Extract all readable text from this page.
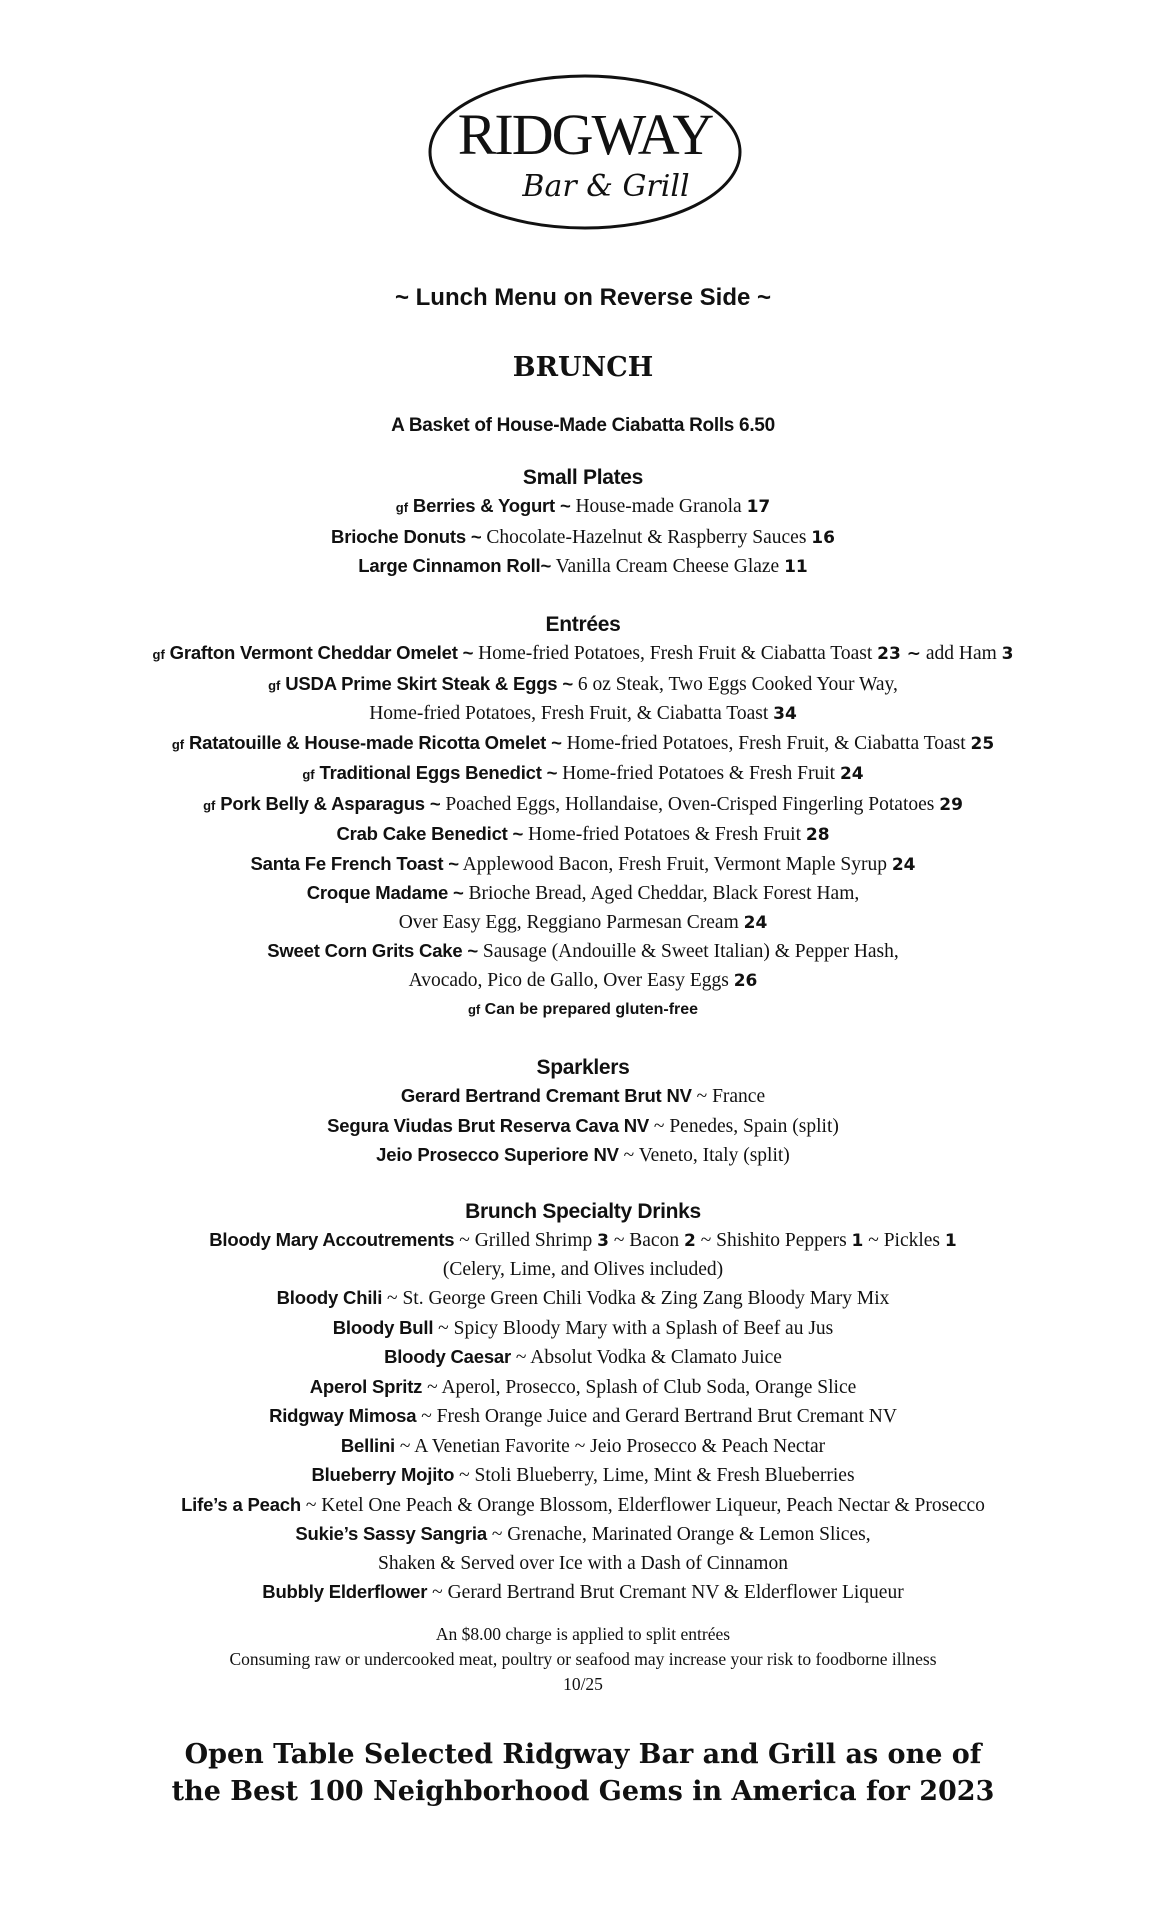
RIDGWAY
Bar & Grill
~ Lunch Menu on Reverse Side ~
BRUNCH
A Basket of House-Made Ciabatta Rolls 6.50
Small Plates
gf Berries & Yogurt ~ House-made Granola 17
Brioche Donuts ~ Chocolate-Hazelnut & Raspberry Sauces 16
Large Cinnamon Roll~ Vanilla Cream Cheese Glaze 11
Entrées
gf Grafton Vermont Cheddar Omelet ~ Home-fried Potatoes, Fresh Fruit & Ciabatta Toast 23 ~ add Ham 3
gf USDA Prime Skirt Steak & Eggs ~ 6 oz Steak, Two Eggs Cooked Your Way,
Home-fried Potatoes, Fresh Fruit, & Ciabatta Toast 34
gf Ratatouille & House-made Ricotta Omelet ~ Home-fried Potatoes, Fresh Fruit, & Ciabatta Toast 25
gf Traditional Eggs Benedict ~ Home-fried Potatoes & Fresh Fruit 24
gf Pork Belly & Asparagus ~ Poached Eggs, Hollandaise, Oven-Crisped Fingerling Potatoes 29
Crab Cake Benedict ~ Home-fried Potatoes & Fresh Fruit 28
Santa Fe French Toast ~ Applewood Bacon, Fresh Fruit, Vermont Maple Syrup 24
Croque Madame ~ Brioche Bread, Aged Cheddar, Black Forest Ham,
Over Easy Egg, Reggiano Parmesan Cream 24
Sweet Corn Grits Cake ~ Sausage (Andouille & Sweet Italian) & Pepper Hash,
Avocado, Pico de Gallo, Over Easy Eggs 26
gf Can be prepared gluten-free
Sparklers
Gerard Bertrand Cremant Brut NV ~ France
Segura Viudas Brut Reserva Cava NV ~ Penedes, Spain (split)
Jeio Prosecco Superiore NV ~ Veneto, Italy (split)
Brunch Specialty Drinks
Bloody Mary Accoutrements ~ Grilled Shrimp 3 ~ Bacon 2 ~ Shishito Peppers 1 ~ Pickles 1
(Celery, Lime, and Olives included)
Bloody Chili ~ St. George Green Chili Vodka & Zing Zang Bloody Mary Mix
Bloody Bull ~ Spicy Bloody Mary with a Splash of Beef au Jus
Bloody Caesar ~ Absolut Vodka & Clamato Juice
Aperol Spritz ~ Aperol, Prosecco, Splash of Club Soda, Orange Slice
Ridgway Mimosa ~ Fresh Orange Juice and Gerard Bertrand Brut Cremant NV
Bellini ~ A Venetian Favorite ~ Jeio Prosecco & Peach Nectar
Blueberry Mojito ~ Stoli Blueberry, Lime, Mint & Fresh Blueberries
Life’s a Peach ~ Ketel One Peach & Orange Blossom, Elderflower Liqueur, Peach Nectar & Prosecco
Sukie’s Sassy Sangria ~ Grenache, Marinated Orange & Lemon Slices,
Shaken & Served over Ice with a Dash of Cinnamon
Bubbly Elderflower ~ Gerard Bertrand Brut Cremant NV & Elderflower Liqueur
An $8.00 charge is applied to split entrées
Consuming raw or undercooked meat, poultry or seafood may increase your risk to foodborne illness
10/25
Open Table Selected Ridgway Bar and Grill as one of
the Best 100 Neighborhood Gems in America for 2023
